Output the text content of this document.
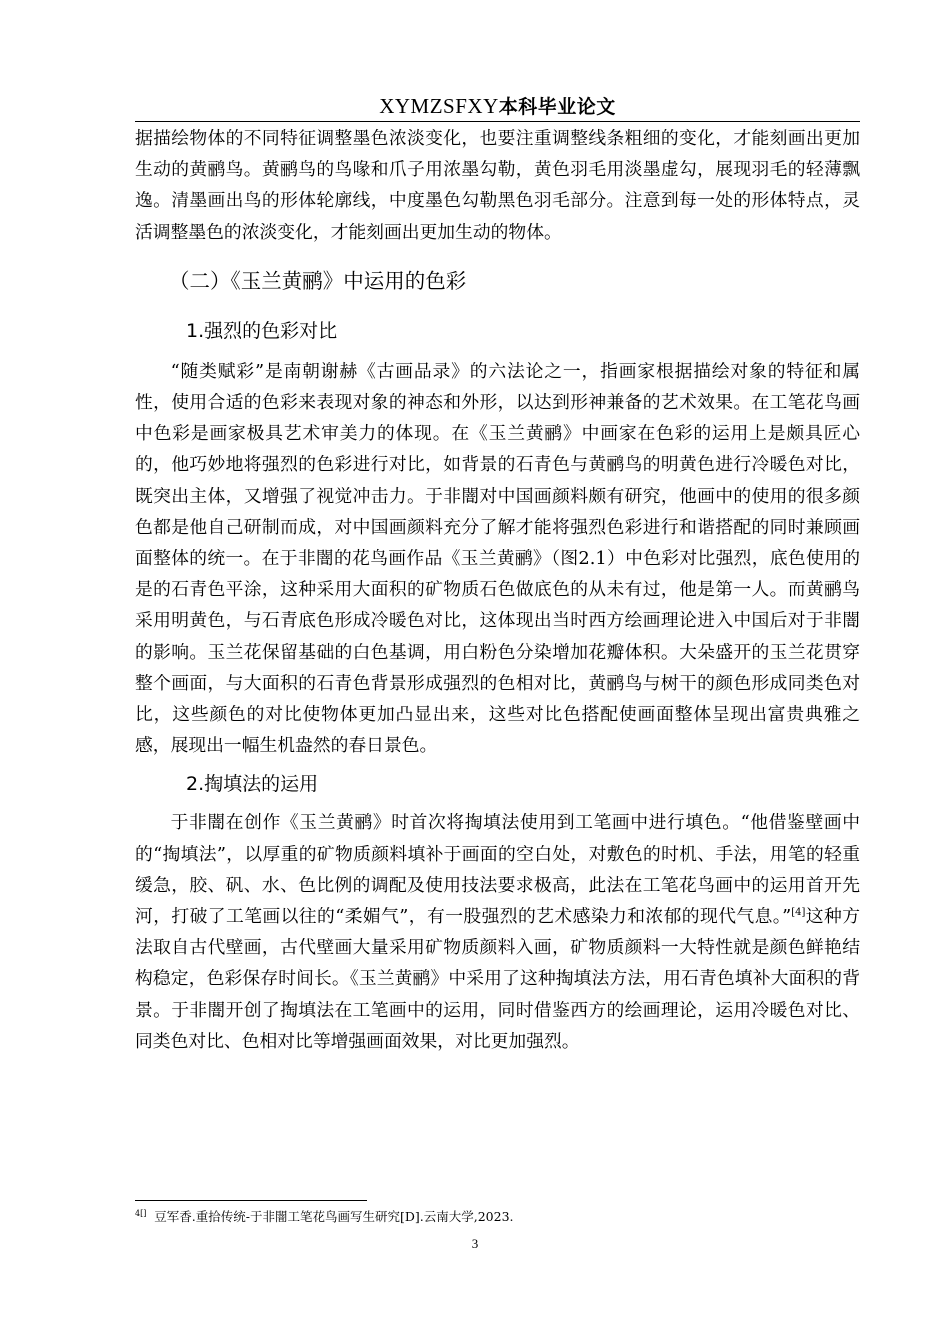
XYMZSFXY本科毕业论文

据描绘物体的不同特征调整墨色浓淡变化，也要注重调整线条粗细的变化，才能刻画出更加生动的黄鹂鸟。黄鹂鸟的鸟喙和爪子用浓墨勾勒，黄色羽毛用淡墨虚勾，展现羽毛的轻薄飘逸。清墨画出鸟的形体轮廓线，中度墨色勾勒黑色羽毛部分。注意到每一处的形体特点，灵活调整墨色的浓淡变化，才能刻画出更加生动的物体。

（二）《玉兰黄鹂》中运用的色彩
1.强烈的色彩对比

“随类赋彩”是南朝谢赫《古画品录》的六法论之一，指画家根据描绘对象的特征和属性，使用合适的色彩来表现对象的神态和外形，以达到形神兼备的艺术效果。在工笔花鸟画中色彩是画家极具艺术审美力的体现。在《玉兰黄鹂》中画家在色彩的运用上是颇具匠心的，他巧妙地将强烈的色彩进行对比，如背景的石青色与黄鹂鸟的明黄色进行冷暖色对比，既突出主体，又增强了视觉冲击力。于非闇对中国画颜料颇有研究，他画中的使用的很多颜色都是他自己研制而成，对中国画颜料充分了解才能将强烈色彩进行和谐搭配的同时兼顾画面整体的统一。在于非闇的花鸟画作品《玉兰黄鹂》（图2.1）中色彩对比强烈，底色使用的是的石青色平涂，这种采用大面积的矿物质石色做底色的从未有过，他是第一人。而黄鹂鸟采用明黄色，与石青底色形成冷暖色对比，这体现出当时西方绘画理论进入中国后对于非闇的影响。玉兰花保留基础的白色基调，用白粉色分染增加花瓣体积。大朵盛开的玉兰花贯穿整个画面，与大面积的石青色背景形成强烈的色相对比，黄鹂鸟与树干的颜色形成同类色对比，这些颜色的对比使物体更加凸显出来，这些对比色搭配使画面整体呈现出富贵典雅之感，展现出一幅生机盎然的春日景色。

2.掏填法的运用

于非闇在创作《玉兰黄鹂》时首次将掏填法使用到工笔画中进行填色。“他借鉴壁画中的“掏填法”，以厚重的矿物质颜料填补于画面的空白处，对敷色的时机、手法，用笔的轻重缓急，胶、矾、水、色比例的调配及使用技法要求极高，此法在工笔花鸟画中的运用首开先河，打破了工笔画以往的“柔媚气”，有一股强烈的艺术感染力和浓郁的现代气息。”[4]这种方法取自古代壁画，古代壁画大量采用矿物质颜料入画，矿物质颜料一大特性就是颜色鲜艳结构稳定，色彩保存时间长。《玉兰黄鹂》中采用了这种掏填法方法，用石青色填补大面积的背景。于非闇开创了掏填法在工笔画中的运用，同时借鉴西方的绘画理论，运用冷暖色对比、同类色对比、色相对比等增强画面效果，对比更加强烈。

$^{4[]}$ 豆军香.重拾传统-于非闇工笔花鸟画写生研究[D].云南大学,2023.
3
